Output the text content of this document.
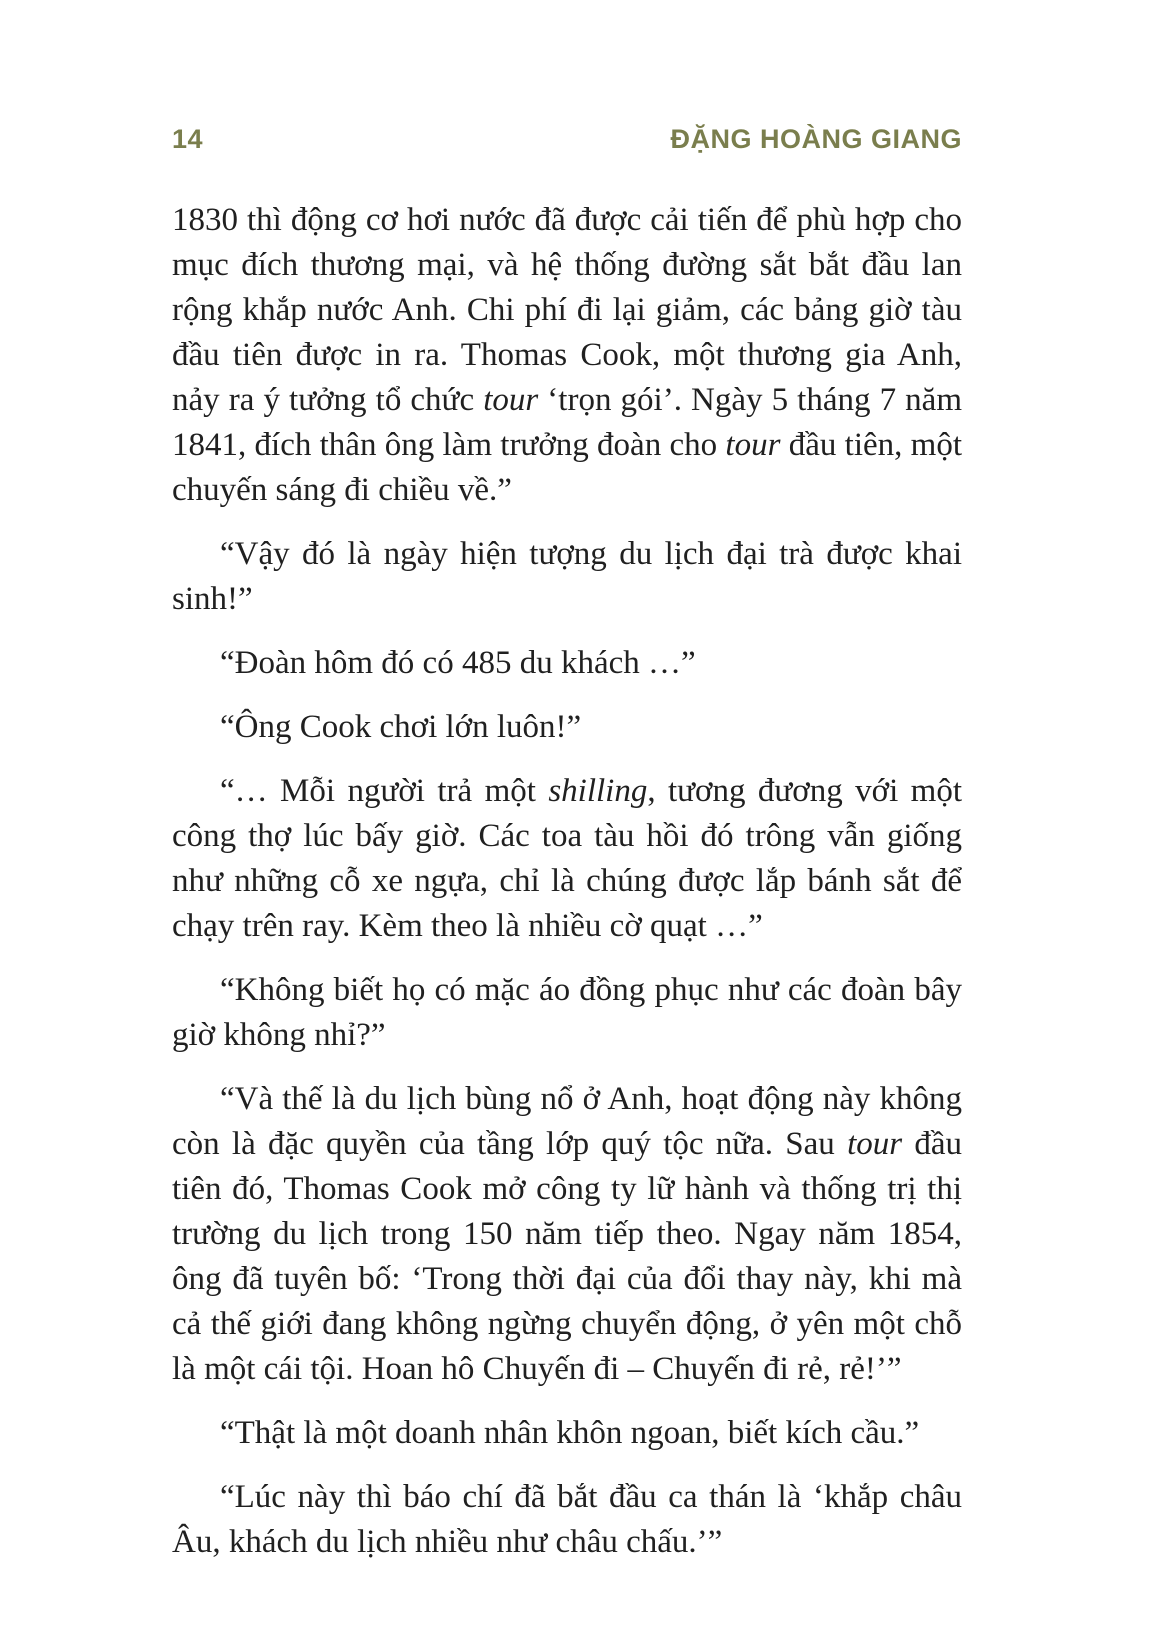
14	ĐẶNG HOÀNG GIANG

1830 thì động cơ hơi nước đã được cải tiến để phù hợp cho mục đích thương mại, và hệ thống đường sắt bắt đầu lan rộng khắp nước Anh. Chi phí đi lại giảm, các bảng giờ tàu đầu tiên được in ra. Thomas Cook, một thương gia Anh, nảy ra ý tưởng tổ chức tour ‘trọn gói’. Ngày 5 tháng 7 năm 1841, đích thân ông làm trưởng đoàn cho tour đầu tiên, một chuyến sáng đi chiều về.”

“Vậy đó là ngày hiện tượng du lịch đại trà được khai sinh!”

“Đoàn hôm đó có 485 du khách …”

“Ông Cook chơi lớn luôn!”

“… Mỗi người trả một shilling, tương đương với một công thợ lúc bấy giờ. Các toa tàu hồi đó trông vẫn giống như những cỗ xe ngựa, chỉ là chúng được lắp bánh sắt để chạy trên ray. Kèm theo là nhiều cờ quạt …”

“Không biết họ có mặc áo đồng phục như các đoàn bây giờ không nhỉ?”

“Và thế là du lịch bùng nổ ở Anh, hoạt động này không còn là đặc quyền của tầng lớp quý tộc nữa. Sau tour đầu tiên đó, Thomas Cook mở công ty lữ hành và thống trị thị trường du lịch trong 150 năm tiếp theo. Ngay năm 1854, ông đã tuyên bố: ‘Trong thời đại của đổi thay này, khi mà cả thế giới đang không ngừng chuyển động, ở yên một chỗ là một cái tội. Hoan hô Chuyến đi – Chuyến đi rẻ, rẻ!’”

“Thật là một doanh nhân khôn ngoan, biết kích cầu.”

“Lúc này thì báo chí đã bắt đầu ca thán là ‘khắp châu Âu, khách du lịch nhiều như châu chấu.’”
